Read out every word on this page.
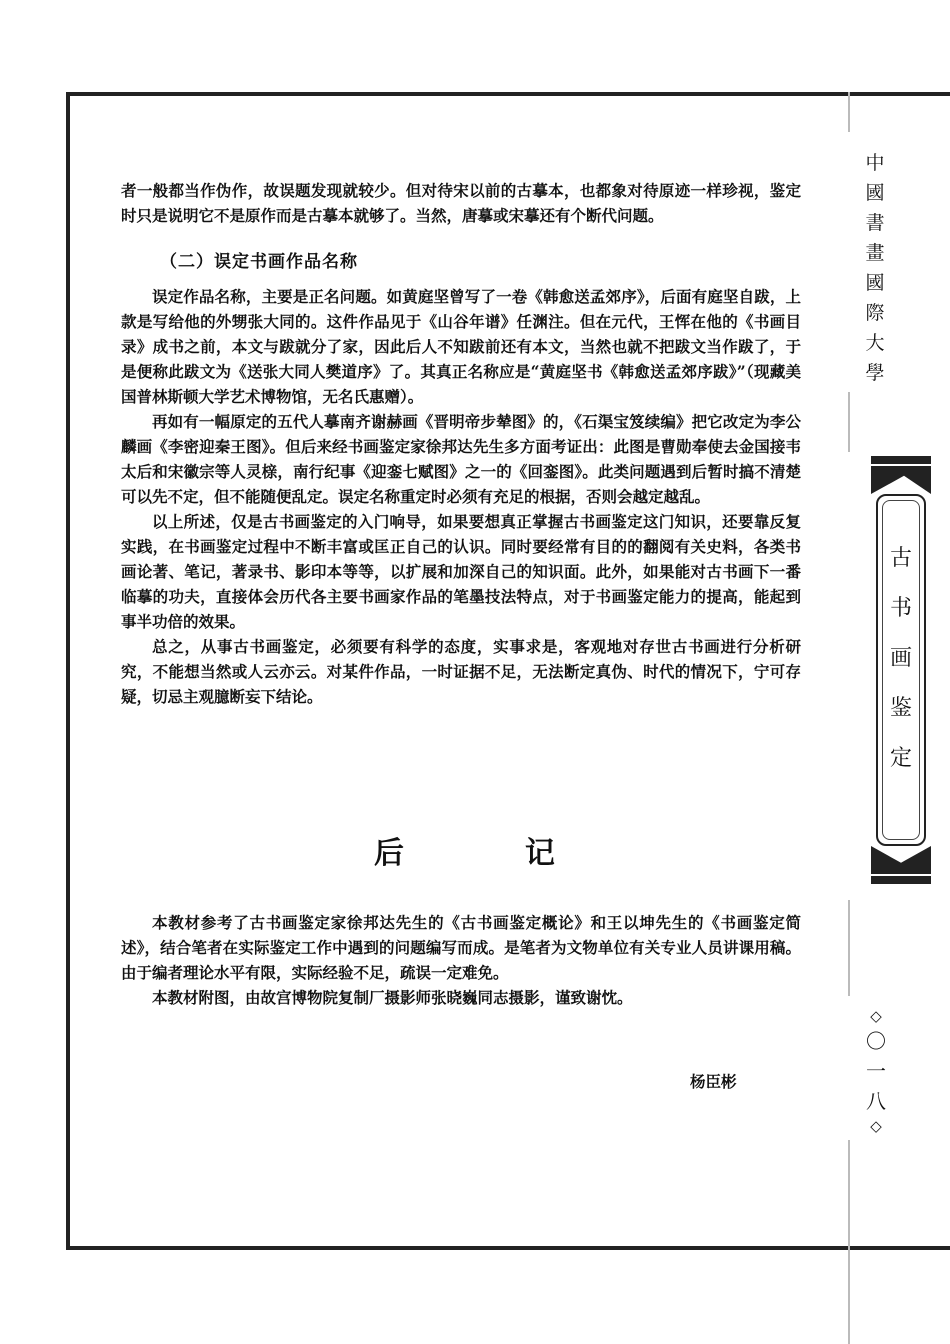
者一般都当作伪作，故误题发现就较少。但对待宋以前的古摹本，也都象对待原迹一样珍视，鉴定时只是说明它不是原作而是古摹本就够了。当然，唐摹或宋摹还有个断代问题。

（二）误定书画作品名称

误定作品名称，主要是正名问题。如黄庭坚曾写了一卷《韩愈送孟郊序》，后面有庭坚自跋，上款是写给他的外甥张大同的。这件作品见于《山谷年谱》任渊注。但在元代，王恽在他的《书画目录》成书之前，本文与跋就分了家，因此后人不知跋前还有本文，当然也就不把跋文当作跋了，于是便称此跋文为《送张大同人樊道序》了。其真正名称应是“黄庭坚书《韩愈送孟郊序跋》”（现藏美国普林斯顿大学艺术博物馆，无名氏惠赠）。

再如有一幅原定的五代人摹南齐谢赫画《晋明帝步辇图》的，《石渠宝笈续编》把它改定为李公麟画《李密迎秦王图》。但后来经书画鉴定家徐邦达先生多方面考证出：此图是曹勋奉使去金国接韦太后和宋徽宗等人灵榇，南行纪事《迎銮七赋图》之一的《回銮图》。此类问题遇到后暂时搞不清楚可以先不定，但不能随便乱定。误定名称重定时必须有充足的根据，否则会越定越乱。

以上所述，仅是古书画鉴定的入门响导，如果要想真正掌握古书画鉴定这门知识，还要靠反复实践，在书画鉴定过程中不断丰富或匡正自己的认识。同时要经常有目的的翻阅有关史料，各类书画论著、笔记，著录书、影印本等等，以扩展和加深自己的知识面。此外，如果能对古书画下一番临摹的功夫，直接体会历代各主要书画家作品的笔墨技法特点，对于书画鉴定能力的提高，能起到事半功倍的效果。

总之，从事古书画鉴定，必须要有科学的态度，实事求是，客观地对存世古书画进行分析研究，不能想当然或人云亦云。对某件作品，一时证据不足，无法断定真伪、时代的情况下，宁可存疑，切忌主观臆断妄下结论。

后	记

本教材参考了古书画鉴定家徐邦达先生的《古书画鉴定概论》和王以坤先生的《书画鉴定简述》，结合笔者在实际鉴定工作中遇到的问题编写而成。是笔者为文物单位有关专业人员讲课用稿。由于编者理论水平有限，实际经验不足，疏误一定难免。

本教材附图，由故宫博物院复制厂摄影师张晓巍同志摄影，谨致谢忱。

杨臣彬
中
國
書
畫
國
際
大
學
古
书
画
鉴
定
◇
〇
一
八
◇
